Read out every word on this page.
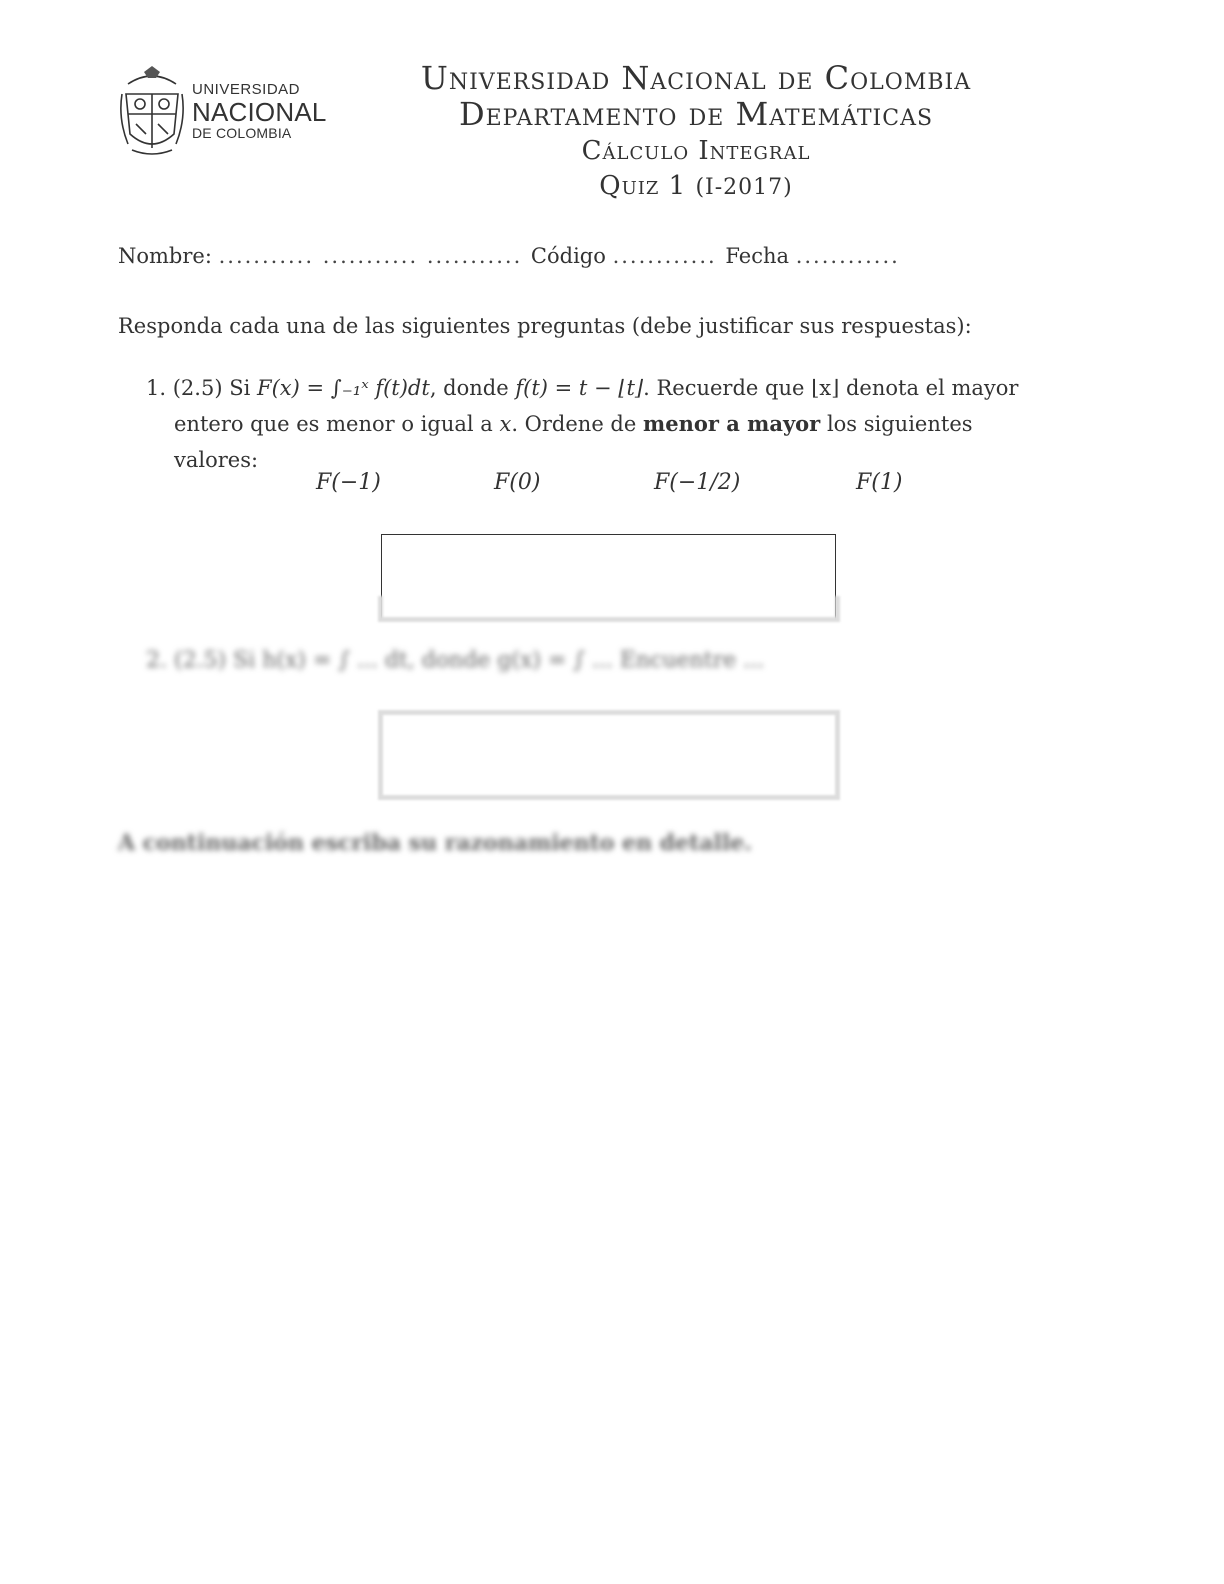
UNIVERSIDAD
NACIONAL
DE COLOMBIA
Universidad Nacional de Colombia
Departamento de Matemáticas
Cálculo Integral
Quiz 1 (I-2017)
Nombre: ........... ........... ........... Código ............ Fecha ............
Responda cada una de las siguientes preguntas (debe justificar sus respuestas):
1. (2.5) Si F(x) = ∫₋₁ˣ f(t)dt, donde f(t) = t − ⌊t⌋. Recuerde que ⌊x⌋ denota el mayor
entero que es menor o igual a x. Ordene de menor a mayor los siguientes valores:
F(−1)	F(0)	F(−1/2)	F(1)
2. (2.5) Si h(x) = ∫ ... dt, donde g(x) = ∫ ... Encuentre ...
A continuación escriba su razonamiento en detalle.
